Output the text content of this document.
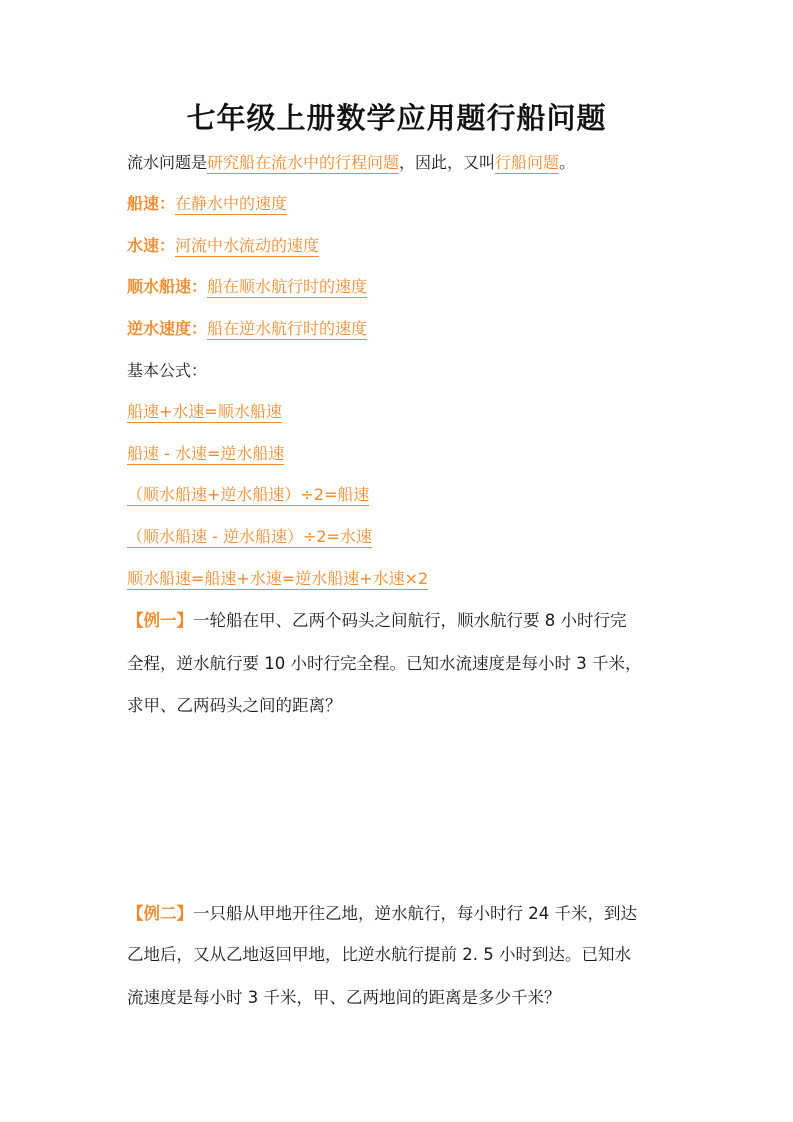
七年级上册数学应用题行船问题
流水问题是研究船在流水中的行程问题，因此，又叫行船问题。
船速：在静水中的速度
水速：河流中水流动的速度
顺水船速：船在顺水航行时的速度
逆水速度：船在逆水航行时的速度
基本公式：
船速+水速=顺水船速
船速 - 水速=逆水船速
（顺水船速+逆水船速）÷2=船速
（顺水船速 - 逆水船速）÷2=水速
顺水船速=船速+水速=逆水船速+水速×2
【例一】一轮船在甲、乙两个码头之间航行，顺水航行要 8 小时行完
全程，逆水航行要 10 小时行完全程。已知水流速度是每小时 3 千米，
求甲、乙两码头之间的距离？
【例二】一只船从甲地开往乙地，逆水航行，每小时行 24 千米，到达
乙地后，又从乙地返回甲地，比逆水航行提前 2. 5 小时到达。已知水
流速度是每小时 3 千米，甲、乙两地间的距离是多少千米？
